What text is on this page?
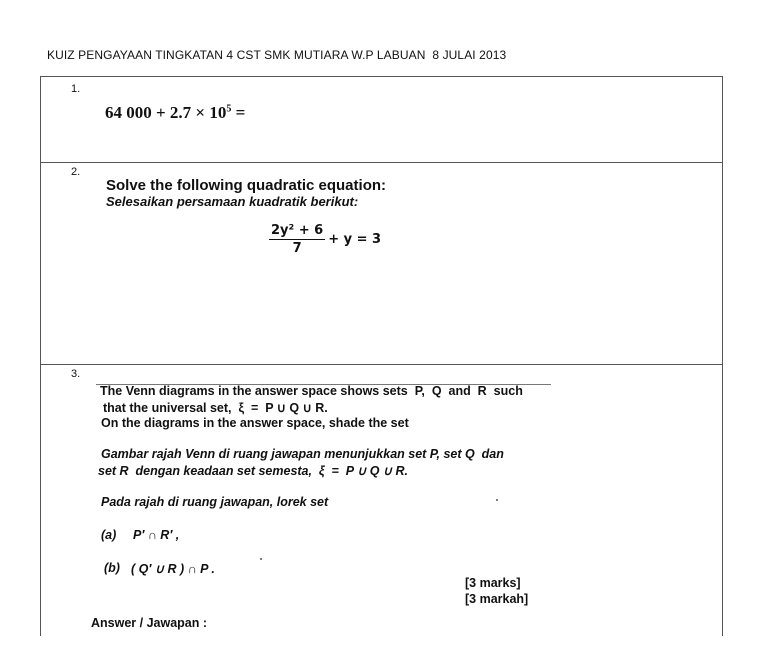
KUIZ PENGAYAAN TINGKATAN 4 CST SMK MUTIARA W.P LABUAN  8 JULAI 2013
1.
64 $000 + 2.7 \times 10^5$ =
2.
Solve the following quadratic equation:
Selesaikan persamaan kuadratik berikut:
$\frac{\text{2y² + 6}}{7} + y = 3$
3.
The Venn diagrams in the answer space shows sets  P,  Q  and  R  such
that the universal set,  ξ  =  P ∪ Q ∪ R.
On the diagrams in the answer space, shade the set
Gambar rajah Venn di ruang jawapan menunjukkan set P, set Q  dan
set R  dengan keadaan set semesta,  ξ  =  P ∪ Q ∪ R.
Pada rajah di ruang jawapan, lorek set
(a) P′ ∩ R′ ,
(b) ( Q′ ∪ R ) ∩ P .
[3 marks]
[3 markah]
Answer / Jawapan :
